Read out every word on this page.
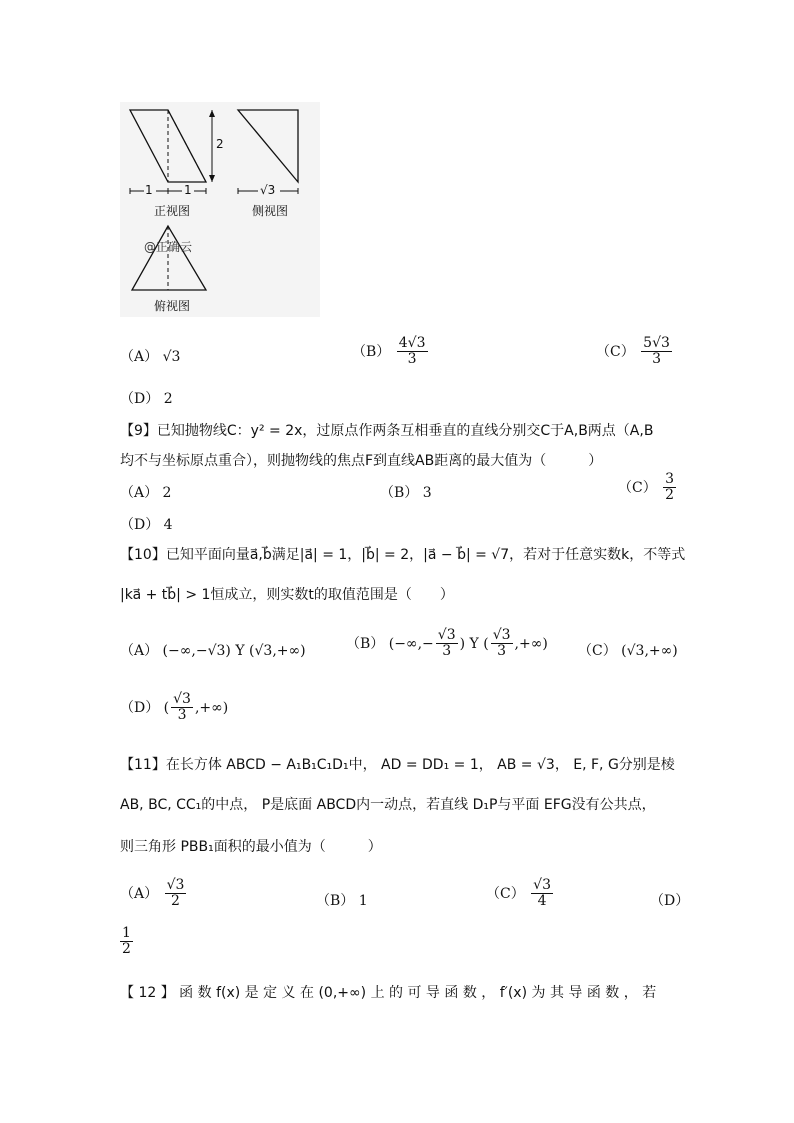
2
1	1	√3
正视图	侧视图
@正确云
俯视图
（A） √3	$(B) \frac{4√3}{3}$	$(C) \frac{5√3}{3}$
（D） 2
【9】已知抛物线C：y² = 2x，过原点作两条互相垂直的直线分别交C于A,B两点（A,B
均不与坐标原点重合），则抛物线的焦点F到直线AB距离的最大值为（　　　）
（A） 2	（B） 3	$(C) \frac{3}{2}$
（D） 4
【10】已知平面向量a⃗,b⃗满足|a⃗| = 1，|b⃗| = 2，|a⃗ − b⃗| = √7，若对于任意实数k，不等式
|ka⃗ + tb⃗| > 1恒成立，则实数t的取值范围是（　　）
（A） (−∞,−√3) Y (√3,+∞)	（B） (−∞,− $\frac{√3}{3}$ ) Y ( $\frac{√3}{3}$ ,+∞) （C） (√3,+∞)
（D） ( $\frac{√3}{3}$ ,+∞)
【11】在长方体 ABCD − A₁B₁C₁D₁中， AD = DD₁ = 1， AB = √3， E, F, G分别是棱
AB, BC, CC₁的中点， P是底面 ABCD内一动点，若直线 D₁P与平面 EFG没有公共点，
则三角形 PBB₁面积的最小值为（　　　）
$(A) \frac{√3}{2}$	（B） 1	$(C) \frac{√3}{4}$	（D）
$\frac{1}{2}$
【 12 】 函 数 f(x) 是 定 义 在 (0,+∞) 上 的 可 导 函 数 ， f′(x) 为 其 导 函 数 ， 若
